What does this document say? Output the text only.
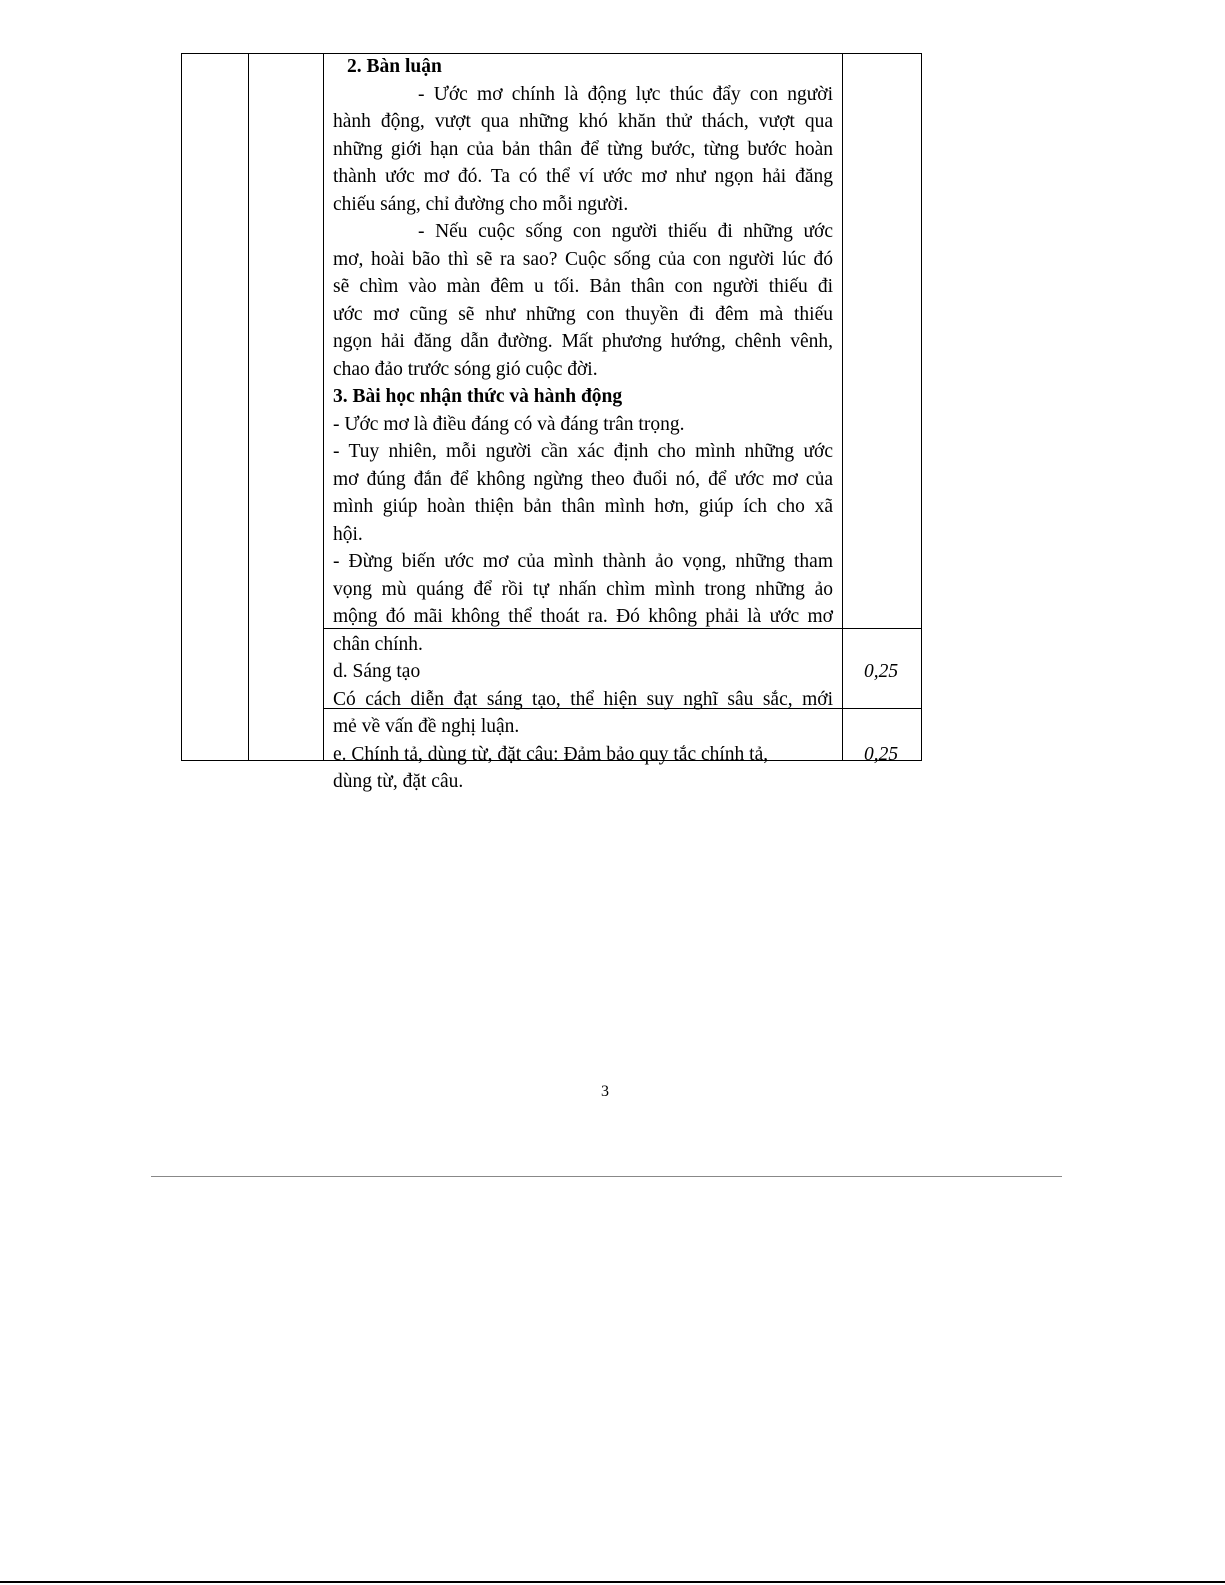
2. Bàn luận

- Ước mơ chính là động lực thúc đẩy con người

hành động, vượt qua những khó khăn thử thách, vượt qua

những giới hạn của bản thân để từng bước, từng bước hoàn

thành ước mơ đó. Ta có thể ví ước mơ như ngọn hải đăng

chiếu sáng, chỉ đường cho mỗi người.

- Nếu cuộc sống con người thiếu đi những ước

mơ, hoài bão thì sẽ ra sao? Cuộc sống của con người lúc đó

sẽ chìm vào màn đêm u tối. Bản thân con người thiếu đi

ước mơ cũng sẽ như những con thuyền đi đêm mà thiếu

ngọn hải đăng dẫn đường. Mất phương hướng, chênh vênh,

chao đảo trước sóng gió cuộc đời.

3. Bài học nhận thức và hành động

- Ước mơ là điều đáng có và đáng trân trọng.

- Tuy nhiên, mỗi người cần xác định cho mình những ước

mơ đúng đắn để không ngừng theo đuổi nó, để ước mơ của

mình giúp hoàn thiện bản thân mình hơn, giúp ích cho xã

hội.

- Đừng biến ước mơ của mình thành ảo vọng, những tham

vọng mù quáng để rồi tự nhấn chìm mình trong những ảo

mộng đó mãi không thể thoát ra. Đó không phải là ước mơ

chân chính.

d. Sáng tạo

Có cách diễn đạt sáng tạo, thể hiện suy nghĩ sâu sắc, mới

mẻ về vấn đề nghị luận.

0,25

e. Chính tả, dùng từ, đặt câu: Đảm bảo quy tắc chính tả,

dùng từ, đặt câu.

0,25
3
